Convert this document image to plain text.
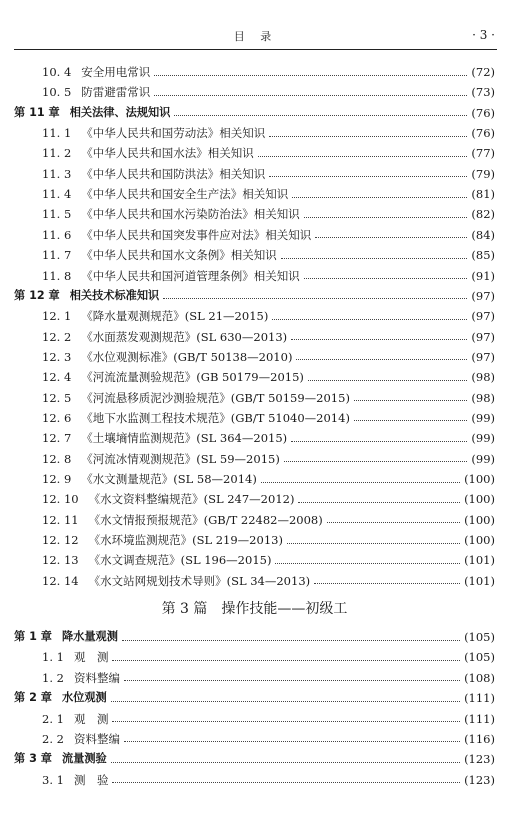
目 录	· 3 ·
10. 4 安全用电常识	(72)
10. 5 防雷避雷常识	(73)
第 11 章 相关法律、法规知识	(76)
11. 1 《中华人民共和国劳动法》相关知识	(76)
11. 2 《中华人民共和国水法》相关知识	(77)
11. 3 《中华人民共和国防洪法》相关知识	(79)
11. 4 《中华人民共和国安全生产法》相关知识	(81)
11. 5 《中华人民共和国水污染防治法》相关知识	(82)
11. 6 《中华人民共和国突发事件应对法》相关知识	(84)
11. 7 《中华人民共和国水文条例》相关知识	(85)
11. 8 《中华人民共和国河道管理条例》相关知识	(91)
第 12 章 相关技术标准知识	(97)
12. 1 《降水量观测规范》(SL 21—2015)	(97)
12. 2 《水面蒸发观测规范》(SL 630—2013)	(97)
12. 3 《水位观测标准》(GB/T 50138—2010)	(97)
12. 4 《河流流量测验规范》(GB 50179—2015)	(98)
12. 5 《河流悬移质泥沙测验规范》(GB/T 50159—2015)	(98)
12. 6 《地下水监测工程技术规范》(GB/T 51040—2014)	(99)
12. 7 《土壤墒情监测规范》(SL 364—2015)	(99)
12. 8 《河流冰情观测规范》(SL 59—2015)	(99)
12. 9 《水文测量规范》(SL 58—2014)	(100)
12. 10 《水文资料整编规范》(SL 247—2012)	(100)
12. 11 《水文情报预报规范》(GB/T 22482—2008)	(100)
12. 12 《水环境监测规范》(SL 219—2013)	(100)
12. 13 《水文调查规范》(SL 196—2015)	(101)
12. 14 《水文站网规划技术导则》(SL 34—2013)	(101)
第 3 篇　操作技能——初级工
第 1 章 降水量观测	(105)
1. 1 观　测	(105)
1. 2 资料整编	(108)
第 2 章 水位观测	(111)
2. 1 观　测	(111)
2. 2 资料整编	(116)
第 3 章 流量测验	(123)
3. 1 测　验	(123)
